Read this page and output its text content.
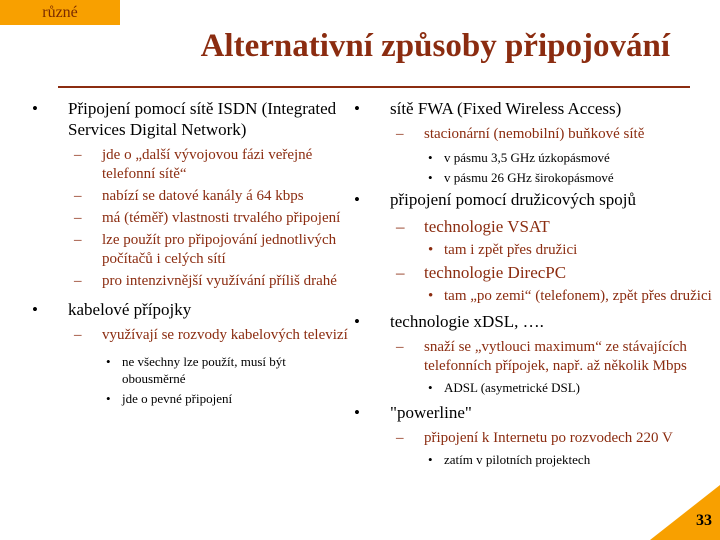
různé
Alternativní způsoby připojování
• Připojení pomocí sítě ISDN (Integrated Services Digital Network)
– jde o „další vývojovou fázi veřejné telefonní sítě“
– nabízí se datové kanály á 64 kbps
– má (téměř) vlastnosti trvalého připojení
– lze použít pro připojování jednotlivých počítačů i celých sítí
– pro intenzivnější využívání příliš drahé
• kabelové přípojky
– využívají se rozvody kabelových televizí
• ne všechny lze použít, musí být obousměrné
• jde o pevné připojení
• sítě FWA (Fixed Wireless Access)
– stacionární (nemobilní) buňkové sítě
• v pásmu 3,5 GHz úzkopásmové
• v pásmu 26 GHz širokopásmové
• připojení pomocí družicových spojů
– technologie VSAT
• tam i zpět přes družici
– technologie DirecPC
• tam „po zemi“ (telefonem), zpět přes družici
• technologie xDSL, ….
– snaží se „vytlouci maximum“ ze stávajících telefonních přípojek, např. až několik Mbps
• ADSL (asymetrické DSL)
• "powerline"
– připojení k Internetu po rozvodech 220 V
• zatím v pilotních projektech
33
